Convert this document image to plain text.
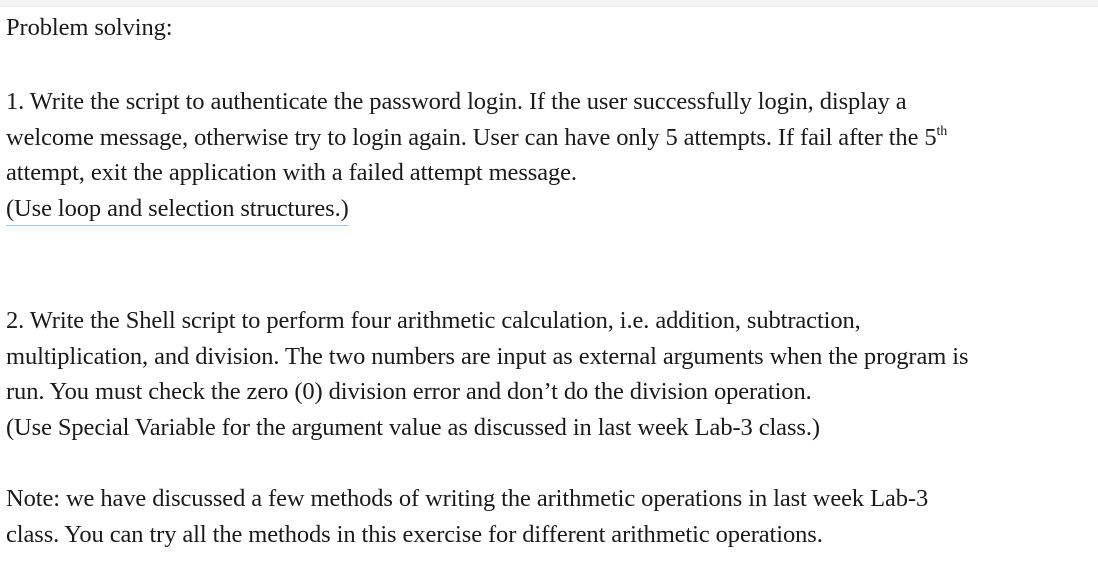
Problem solving:
1. Write the script to authenticate the password login. If the user successfully login, display a
welcome message, otherwise try to login again. User can have only 5 attempts. If fail after the 5th
attempt, exit the application with a failed attempt message.
(Use loop and selection structures.)
2. Write the Shell script to perform four arithmetic calculation, i.e. addition, subtraction,
multiplication, and division. The two numbers are input as external arguments when the program is
run. You must check the zero (0) division error and don’t do the division operation.
(Use Special Variable for the argument value as discussed in last week Lab-3 class.)
Note: we have discussed a few methods of writing the arithmetic operations in last week Lab-3
class. You can try all the methods in this exercise for different arithmetic operations.
